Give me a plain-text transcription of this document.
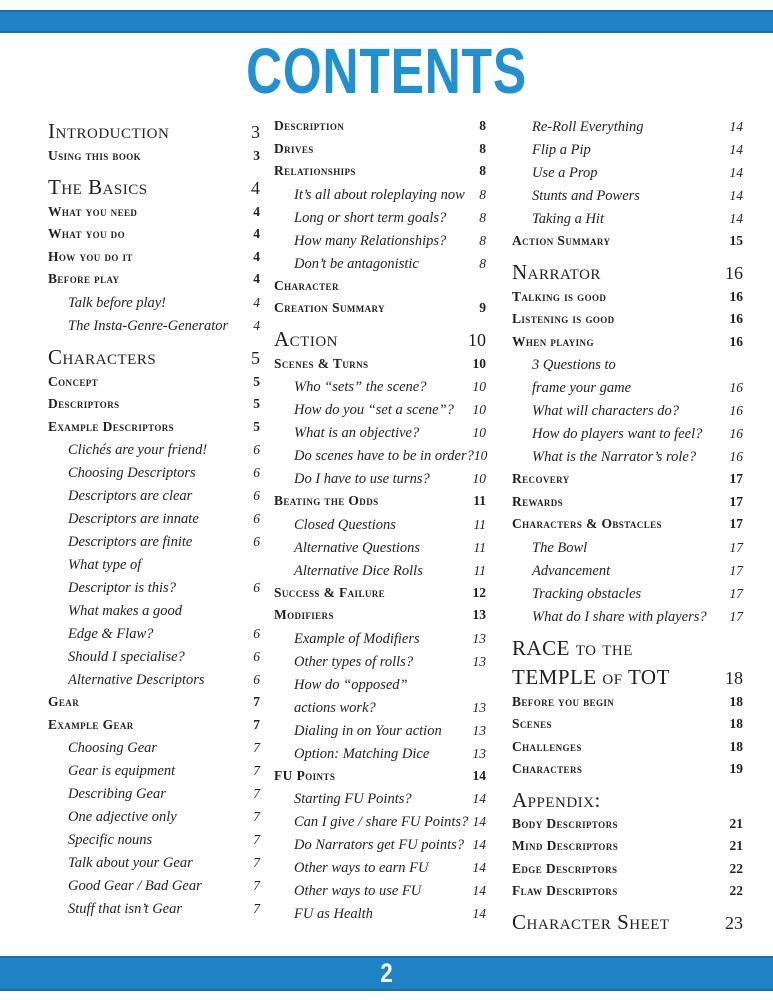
CONTENTS
Introduction	3
Using this book	3
The Basics	4
What you need	4
What you do	4
How you do it	4
Before play	4
Talk before play!	4
The Insta-Genre-Generator 4
Characters	5
Concept	5
Descriptors	5
Example Descriptors	5
Clichés are your friend!	6
Choosing Descriptors	6
Descriptors are clear	6
Descriptors are innate	6
Descriptors are finite	6
What type of
Descriptor is this?	6
What makes a good
Edge & Flaw?	6
Should I specialise?	6
Alternative Descriptors	6
Gear	7
Example Gear	7
Choosing Gear	7
Gear is equipment	7
Describing Gear	7
One adjective only	7
Specific nouns	7
Talk about your Gear	7
Good Gear / Bad Gear	7
Stuff that isn’t Gear	7
Description	8
Drives	8
Relationships	8
It’s all about roleplaying now 8
Long or short term goals? 8
How many Relationships? 8
Don’t be antagonistic	8
Character
Creation Summary	9
Action	10
Scenes & Turns	10
Who “sets” the scene?	10
How do you “set a scene”? 10
What is an objective?	10
Do scenes have to be in order? 10
Do I have to use turns?	10
Beating the Odds	11
Closed Questions	11
Alternative Questions	11
Alternative Dice Rolls	11
Success & Failure	12
Modifiers	13
Example of Modifiers	13
Other types of rolls?	13
How do “opposed”
actions work?	13
Dialing in on Your action 13
Option: Matching Dice	13
FU Points	14
Starting FU Points?	14
Can I give / share FU Points? 14
Do Narrators get FU points? 14
Other ways to earn FU	14
Other ways to use FU	14
FU as Health	14
Re-Roll Everything	14
Flip a Pip	14
Use a Prop	14
Stunts and Powers	14
Taking a Hit	14
Action Summary	15
Narrator	16
Talking is good	16
Listening is good	16
When playing	16
3 Questions to
frame your game	16
What will characters do?	16
How do players want to feel? 16
What is the Narrator’s role? 16
Recovery	17
Rewards	17
Characters & Obstacles	17
The Bowl	17
Advancement	17
Tracking obstacles	17
What do I share with players? 17
RACE to the
TEMPLE of TOT	18
Before you begin	18
Scenes	18
Challenges	18
Characters	19
Appendix:
Body Descriptors	21
Mind Descriptors	21
Edge Descriptors	22
Flaw Descriptors	22
Character Sheet	23
2
